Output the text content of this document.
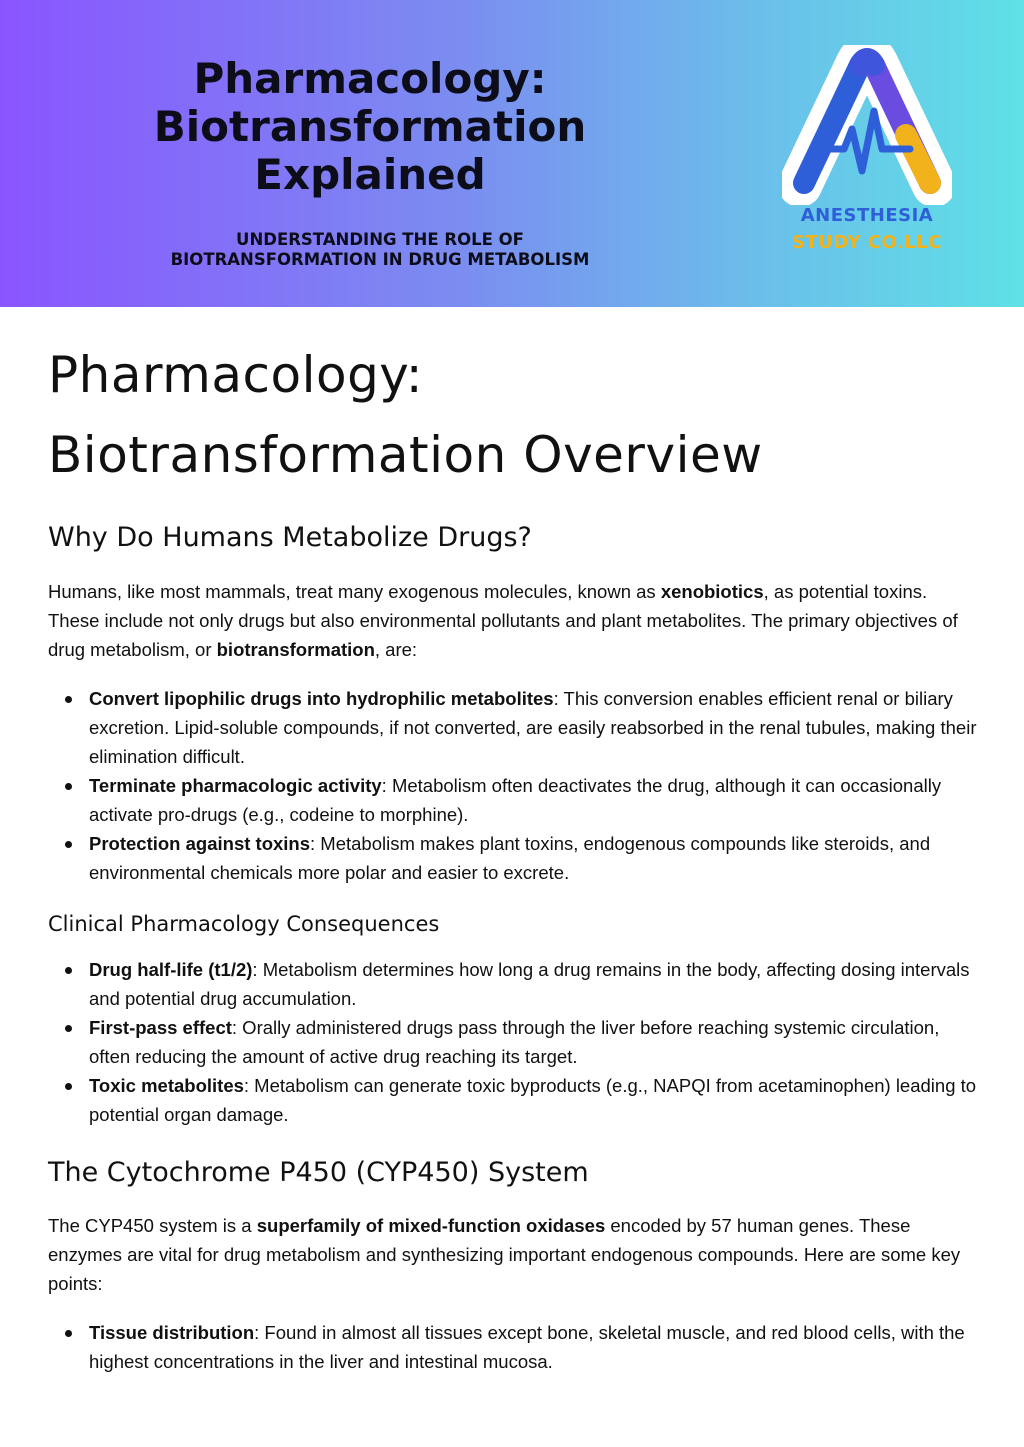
Pharmacology:
Biotransformation
Explained

UNDERSTANDING THE ROLE OF
BIOTRANSFORMATION IN DRUG METABOLISM

ANESTHESIA
STUDY CO.LLC
Pharmacology:
Biotransformation Overview
Why Do Humans Metabolize Drugs?

Humans, like most mammals, treat many exogenous molecules, known as xenobiotics, as potential toxins. These include not only drugs but also environmental pollutants and plant metabolites. The primary objectives of drug metabolism, or biotransformation, are:

Convert lipophilic drugs into hydrophilic metabolites: This conversion enables efficient renal or biliary excretion. Lipid-soluble compounds, if not converted, are easily reabsorbed in the renal tubules, making their elimination difficult.
Terminate pharmacologic activity: Metabolism often deactivates the drug, although it can occasionally activate pro-drugs (e.g., codeine to morphine).
Protection against toxins: Metabolism makes plant toxins, endogenous compounds like steroids, and environmental chemicals more polar and easier to excrete.
Clinical Pharmacology Consequences
Drug half-life (t1/2): Metabolism determines how long a drug remains in the body, affecting dosing intervals and potential drug accumulation.
First-pass effect: Orally administered drugs pass through the liver before reaching systemic circulation, often reducing the amount of active drug reaching its target.
Toxic metabolites: Metabolism can generate toxic byproducts (e.g., NAPQI from acetaminophen) leading to potential organ damage.
The Cytochrome P450 (CYP450) System

The CYP450 system is a superfamily of mixed-function oxidases encoded by 57 human genes. These enzymes are vital for drug metabolism and synthesizing important endogenous compounds. Here are some key points:

Tissue distribution: Found in almost all tissues except bone, skeletal muscle, and red blood cells, with the highest concentrations in the liver and intestinal mucosa.
